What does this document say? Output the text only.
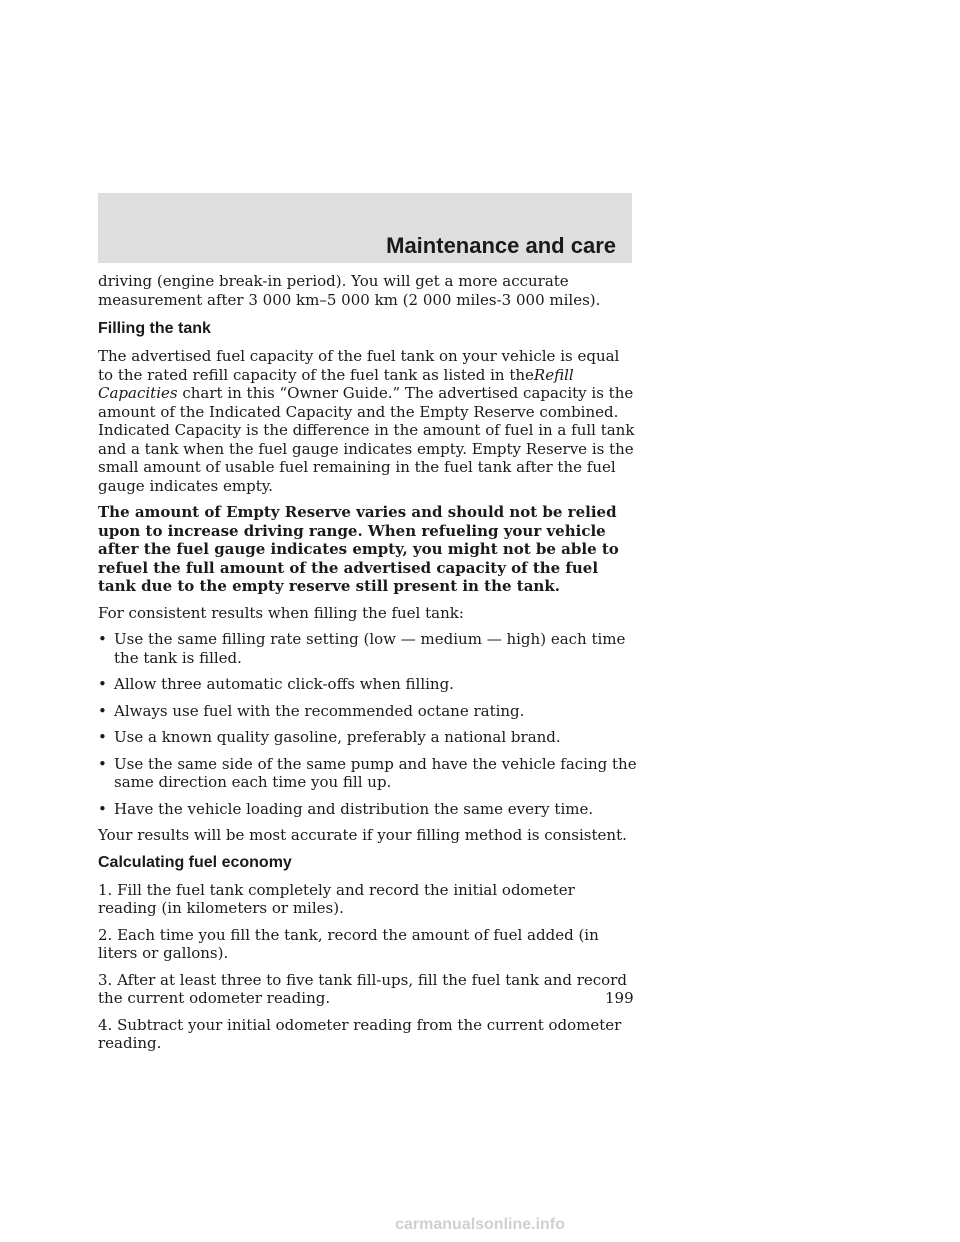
Maintenance and care

driving (engine break-in period). You will get a more accurate measurement after 3 000 km–5 000 km (2 000 miles-3 000 miles).

Filling the tank

The advertised fuel capacity of the fuel tank on your vehicle is equal to the rated refill capacity of the fuel tank as listed in theRefill Capacities chart in this “Owner Guide.” The advertised capacity is the amount of the Indicated Capacity and the Empty Reserve combined. Indicated Capacity is the difference in the amount of fuel in a full tank and a tank when the fuel gauge indicates empty. Empty Reserve is the small amount of usable fuel remaining in the fuel tank after the fuel gauge indicates empty.

The amount of Empty Reserve varies and should not be relied upon to increase driving range. When refueling your vehicle after the fuel gauge indicates empty, you might not be able to refuel the full amount of the advertised capacity of the fuel tank due to the empty reserve still present in the tank.

For consistent results when filling the fuel tank:

• Use the same filling rate setting (low — medium — high) each time the tank is filled.
• Allow three automatic click-offs when filling.
• Always use fuel with the recommended octane rating.
• Use a known quality gasoline, preferably a national brand.
• Use the same side of the same pump and have the vehicle facing the same direction each time you fill up.
• Have the vehicle loading and distribution the same every time.

Your results will be most accurate if your filling method is consistent.

Calculating fuel economy

1. Fill the fuel tank completely and record the initial odometer reading (in kilometers or miles).

2. Each time you fill the tank, record the amount of fuel added (in liters or gallons).

3. After at least three to five tank fill-ups, fill the fuel tank and record the current odometer reading.

4. Subtract your initial odometer reading from the current odometer reading.

199
carmanualsonline.info
